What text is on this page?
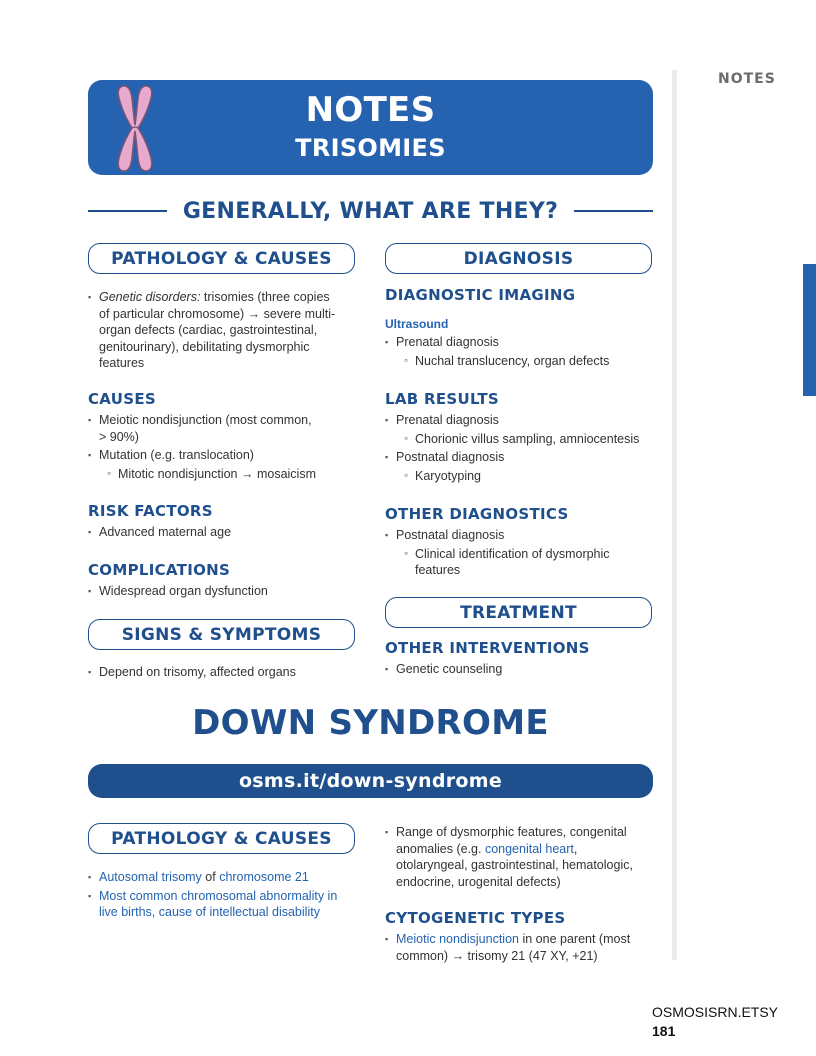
NOTES
NOTES
TRISOMIES
GENERALLY, WHAT ARE THEY?
PATHOLOGY & CAUSES
▪ Genetic disorders: trisomies (three copies
of particular chromosome) → severe multi-
organ defects (cardiac, gastrointestinal,
genitourinary), debilitating dysmorphic
features
CAUSES
▪ Meiotic nondisjunction (most common,
> 90%)
▪ Mutation (e.g. translocation)
◦ Mitotic nondisjunction → mosaicism
RISK FACTORS
▪ Advanced maternal age
COMPLICATIONS
▪ Widespread organ dysfunction
SIGNS & SYMPTOMS
▪ Depend on trisomy, affected organs
DIAGNOSIS
DIAGNOSTIC IMAGING
Ultrasound
▪ Prenatal diagnosis
◦ Nuchal translucency, organ defects
LAB RESULTS
▪ Prenatal diagnosis
◦ Chorionic villus sampling, amniocentesis
▪ Postnatal diagnosis
◦ Karyotyping
OTHER DIAGNOSTICS
▪ Postnatal diagnosis
◦ Clinical identification of dysmorphic
features
TREATMENT
OTHER INTERVENTIONS
▪ Genetic counseling
DOWN SYNDROME
osms.it/down-syndrome
PATHOLOGY & CAUSES
▪ Autosomal trisomy of chromosome 21
▪ Most common chromosomal abnormality in
live births, cause of intellectual disability
▪ Range of dysmorphic features, congenital
anomalies (e.g. congenital heart,
otolaryngeal, gastrointestinal, hematologic,
endocrine, urogenital defects)
CYTOGENETIC TYPES
▪ Meiotic nondisjunction in one parent (most
common) → trisomy 21 (47 XY, +21)
OSMOSISRN.ETSY
181
